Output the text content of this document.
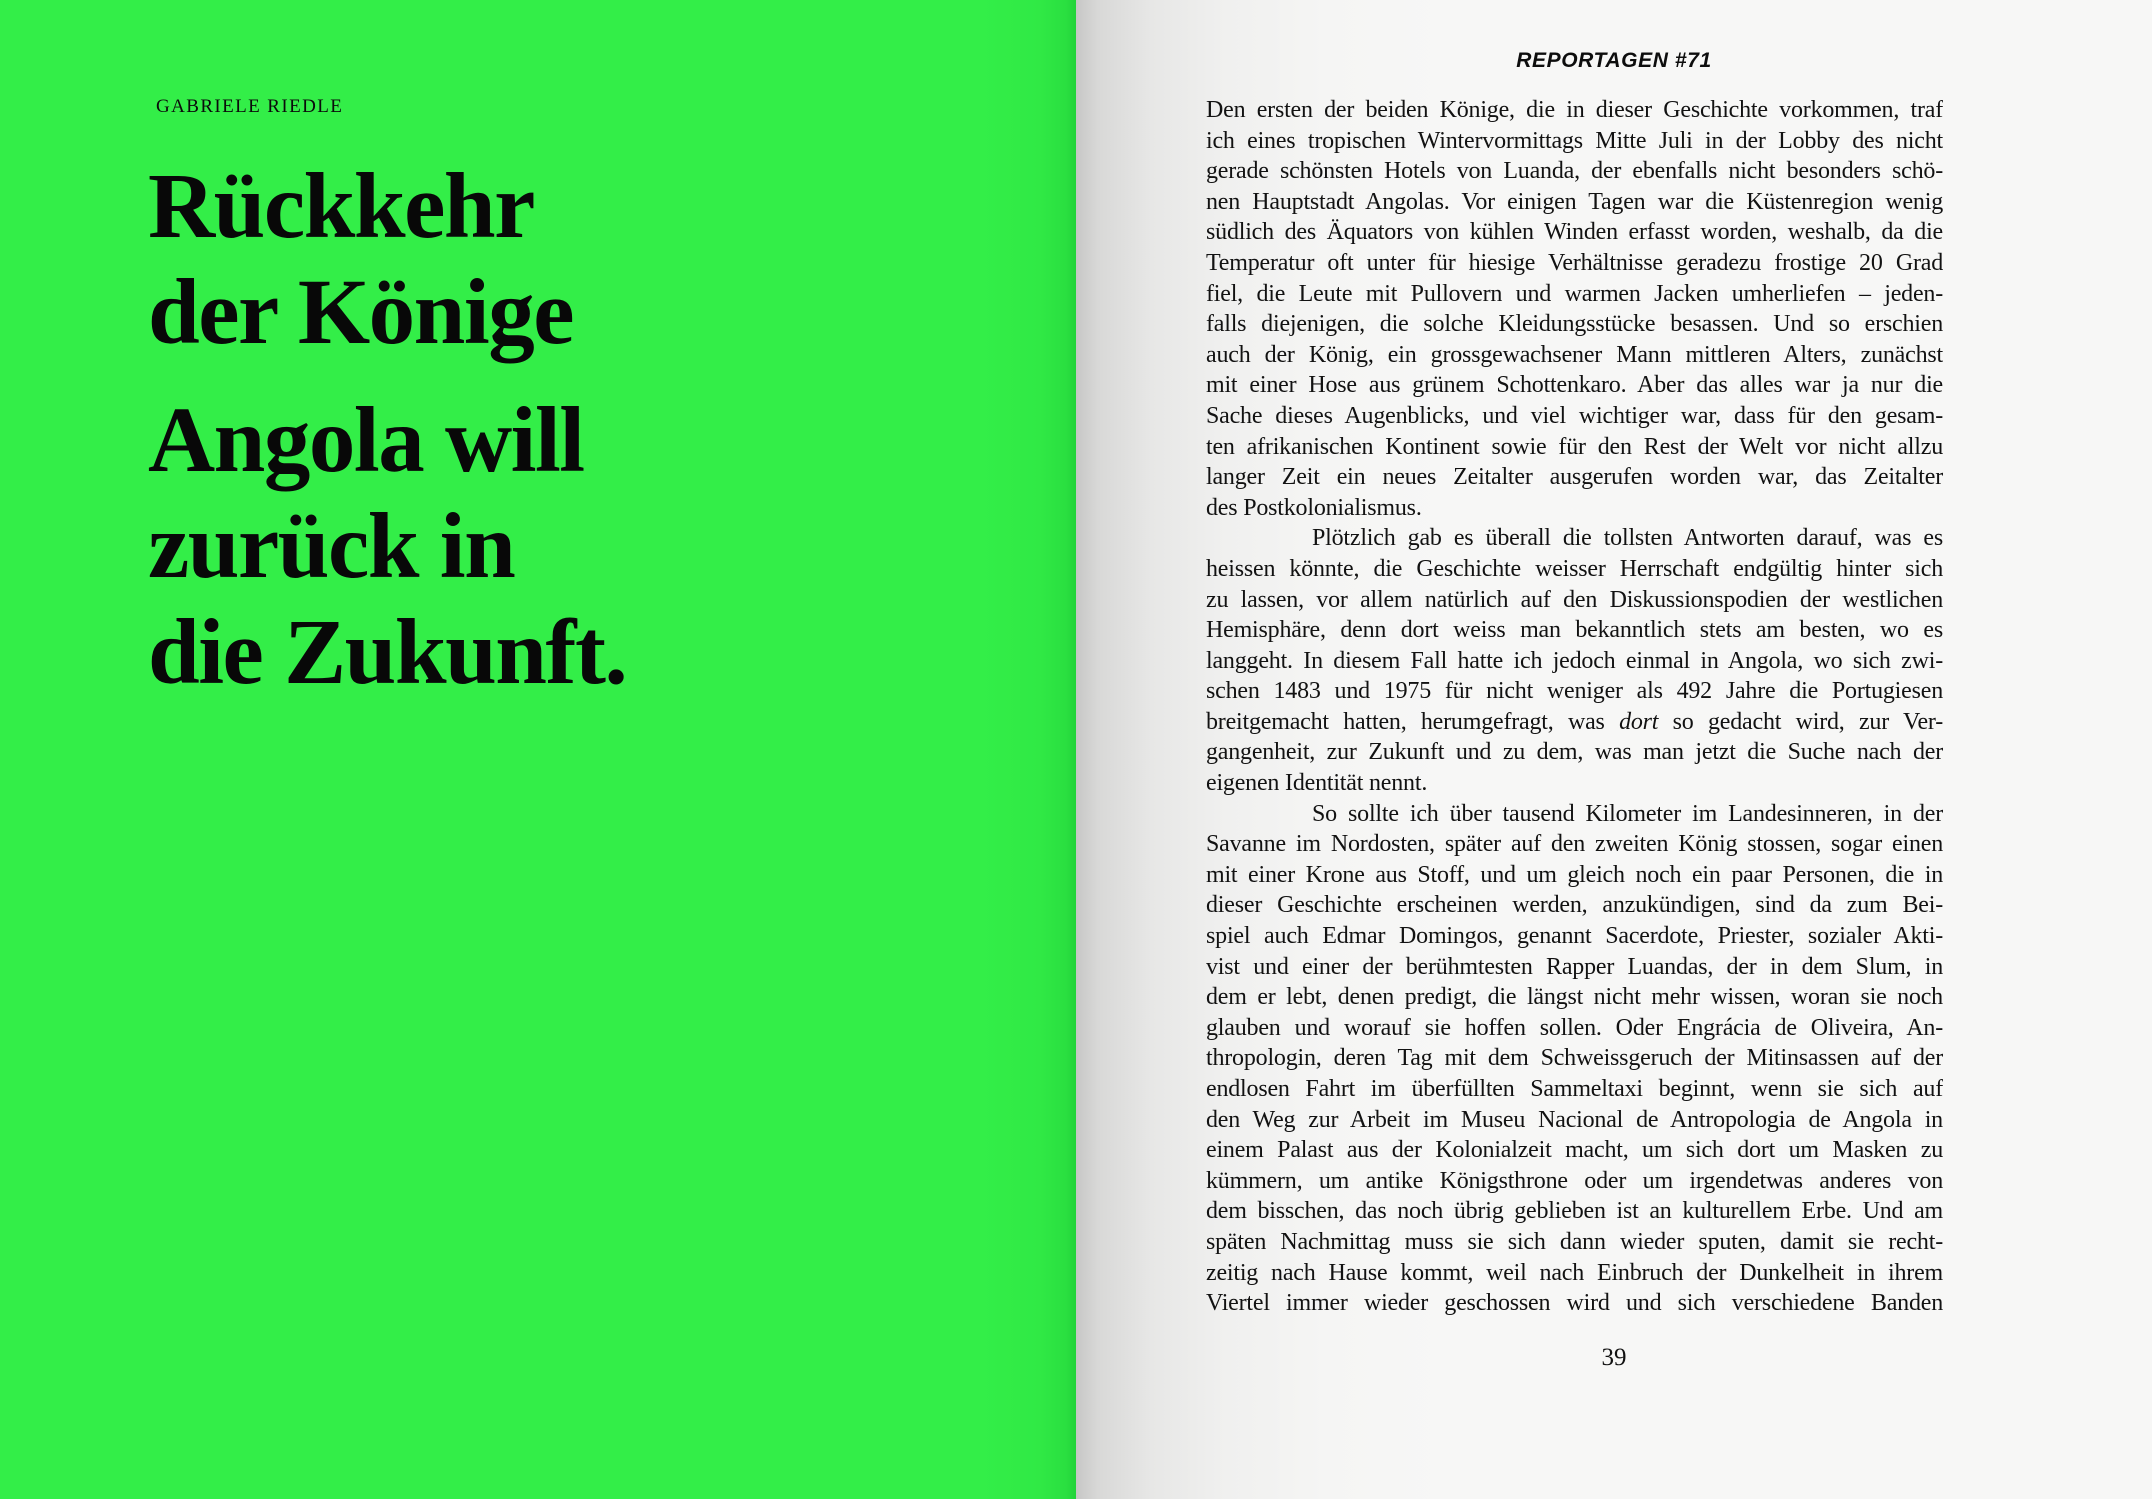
GABRIELE RIEDLE
Rückkehr
der Könige
Angola will
zurück in
die Zukunft.
REPORTAGEN #71
Den ersten der beiden Könige, die in dieser Geschichte vorkommen, traf
ich eines tropischen Wintervormittags Mitte Juli in der Lobby des nicht
gerade schönsten Hotels von Luanda, der ebenfalls nicht besonders schö-
nen Hauptstadt Angolas. Vor einigen Tagen war die Küstenregion wenig
südlich des Äquators von kühlen Winden erfasst worden, weshalb, da die
Temperatur oft unter für hiesige Verhältnisse geradezu frostige 20 Grad
fiel, die Leute mit Pullovern und warmen Jacken umherliefen – jeden-
falls diejenigen, die solche Kleidungsstücke besassen. Und so erschien
auch der König, ein grossgewachsener Mann mittleren Alters, zunächst
mit einer Hose aus grünem Schottenkaro. Aber das alles war ja nur die
Sache dieses Augenblicks, und viel wichtiger war, dass für den gesam-
ten afrikanischen Kontinent sowie für den Rest der Welt vor nicht allzu
langer Zeit ein neues Zeitalter ausgerufen worden war, das Zeitalter
des Postkolonialismus.
Plötzlich gab es überall die tollsten Antworten darauf, was es
heissen könnte, die Geschichte weisser Herrschaft endgültig hinter sich
zu lassen, vor allem natürlich auf den Diskussionspodien der westlichen
Hemisphäre, denn dort weiss man bekanntlich stets am besten, wo es
langgeht. In diesem Fall hatte ich jedoch einmal in Angola, wo sich zwi-
schen 1483 und 1975 für nicht weniger als 492 Jahre die Portugiesen
breitgemacht hatten, herumgefragt, was dort so gedacht wird, zur Ver-
gangenheit, zur Zukunft und zu dem, was man jetzt die Suche nach der
eigenen Identität nennt.
So sollte ich über tausend Kilometer im Landesinneren, in der
Savanne im Nordosten, später auf den zweiten König stossen, sogar einen
mit einer Krone aus Stoff, und um gleich noch ein paar Personen, die in
dieser Geschichte erscheinen werden, anzukündigen, sind da zum Bei-
spiel auch Edmar Domingos, genannt Sacerdote, Priester, sozialer Akti-
vist und einer der berühmtesten Rapper Luandas, der in dem Slum, in
dem er lebt, denen predigt, die längst nicht mehr wissen, woran sie noch
glauben und worauf sie hoffen sollen. Oder Engrácia de Oliveira, An-
thropologin, deren Tag mit dem Schweissgeruch der Mitinsassen auf der
endlosen Fahrt im überfüllten Sammeltaxi beginnt, wenn sie sich auf
den Weg zur Arbeit im Museu Nacional de Antropologia de Angola in
einem Palast aus der Kolonialzeit macht, um sich dort um Masken zu
kümmern, um antike Königsthrone oder um irgendetwas anderes von
dem bisschen, das noch übrig geblieben ist an kulturellem Erbe. Und am
späten Nachmittag muss sie sich dann wieder sputen, damit sie recht-
zeitig nach Hause kommt, weil nach Einbruch der Dunkelheit in ihrem
Viertel immer wieder geschossen wird und sich verschiedene Banden
39
